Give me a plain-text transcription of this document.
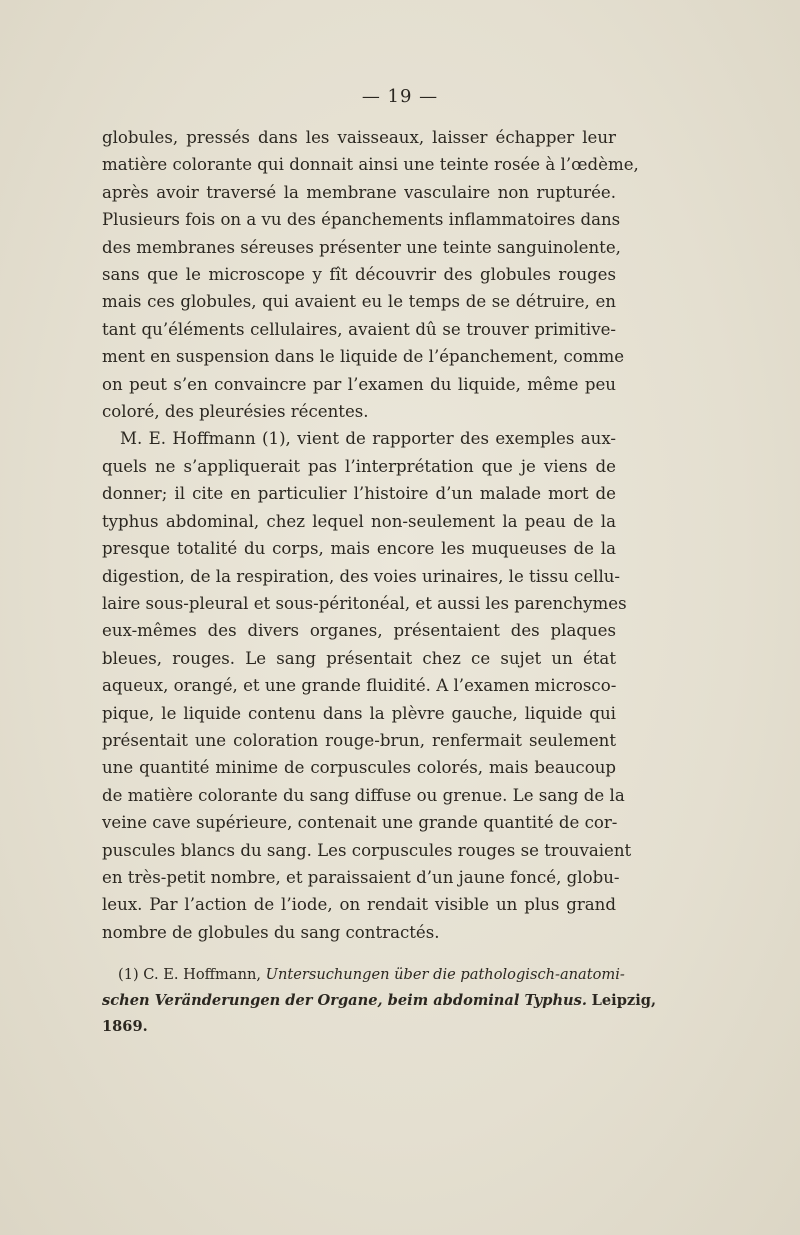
— 19 —
globules, pressés dans les vaisseaux, laisser échapper leur
matière colorante qui donnait ainsi une teinte rosée à l’œdème,
après avoir traversé la membrane vasculaire non rupturée.
Plusieurs fois on a vu des épanchements inflammatoires dans
des membranes séreuses présenter une teinte sanguinolente,
sans que le microscope y fît découvrir des globules rouges
mais ces globules, qui avaient eu le temps de se détruire, en
tant qu’éléments cellulaires, avaient dû se trouver primitive-
ment en suspension dans le liquide de l’épanchement, comme
on peut s’en convaincre par l’examen du liquide, même peu
coloré, des pleurésies récentes.
M. E. Hoffmann (1), vient de rapporter des exemples aux-
quels ne s’appliquerait pas l’interprétation que je viens de
donner; il cite en particulier l’histoire d’un malade mort de
typhus abdominal, chez lequel non-seulement la peau de la
presque totalité du corps, mais encore les muqueuses de la
digestion, de la respiration, des voies urinaires, le tissu cellu-
laire sous-pleural et sous-péritonéal, et aussi les parenchymes
eux-mêmes des divers organes, présentaient des plaques
bleues, rouges. Le sang présentait chez ce sujet un état
aqueux, orangé, et une grande fluidité. A l’examen microsco-
pique, le liquide contenu dans la plèvre gauche, liquide qui
présentait une coloration rouge-brun, renfermait seulement
une quantité minime de corpuscules colorés, mais beaucoup
de matière colorante du sang diffuse ou grenue. Le sang de la
veine cave supérieure, contenait une grande quantité de cor-
puscules blancs du sang. Les corpuscules rouges se trouvaient
en très-petit nombre, et paraissaient d’un jaune foncé, globu-
leux. Par l’action de l’iode, on rendait visible un plus grand
nombre de globules du sang contractés.
(1) C. E. Hoffmann, Untersuchungen über die pathologisch-anatomi-
schen Veränderungen der Organe, beim abdominal Typhus. Leipzig,
1869.
